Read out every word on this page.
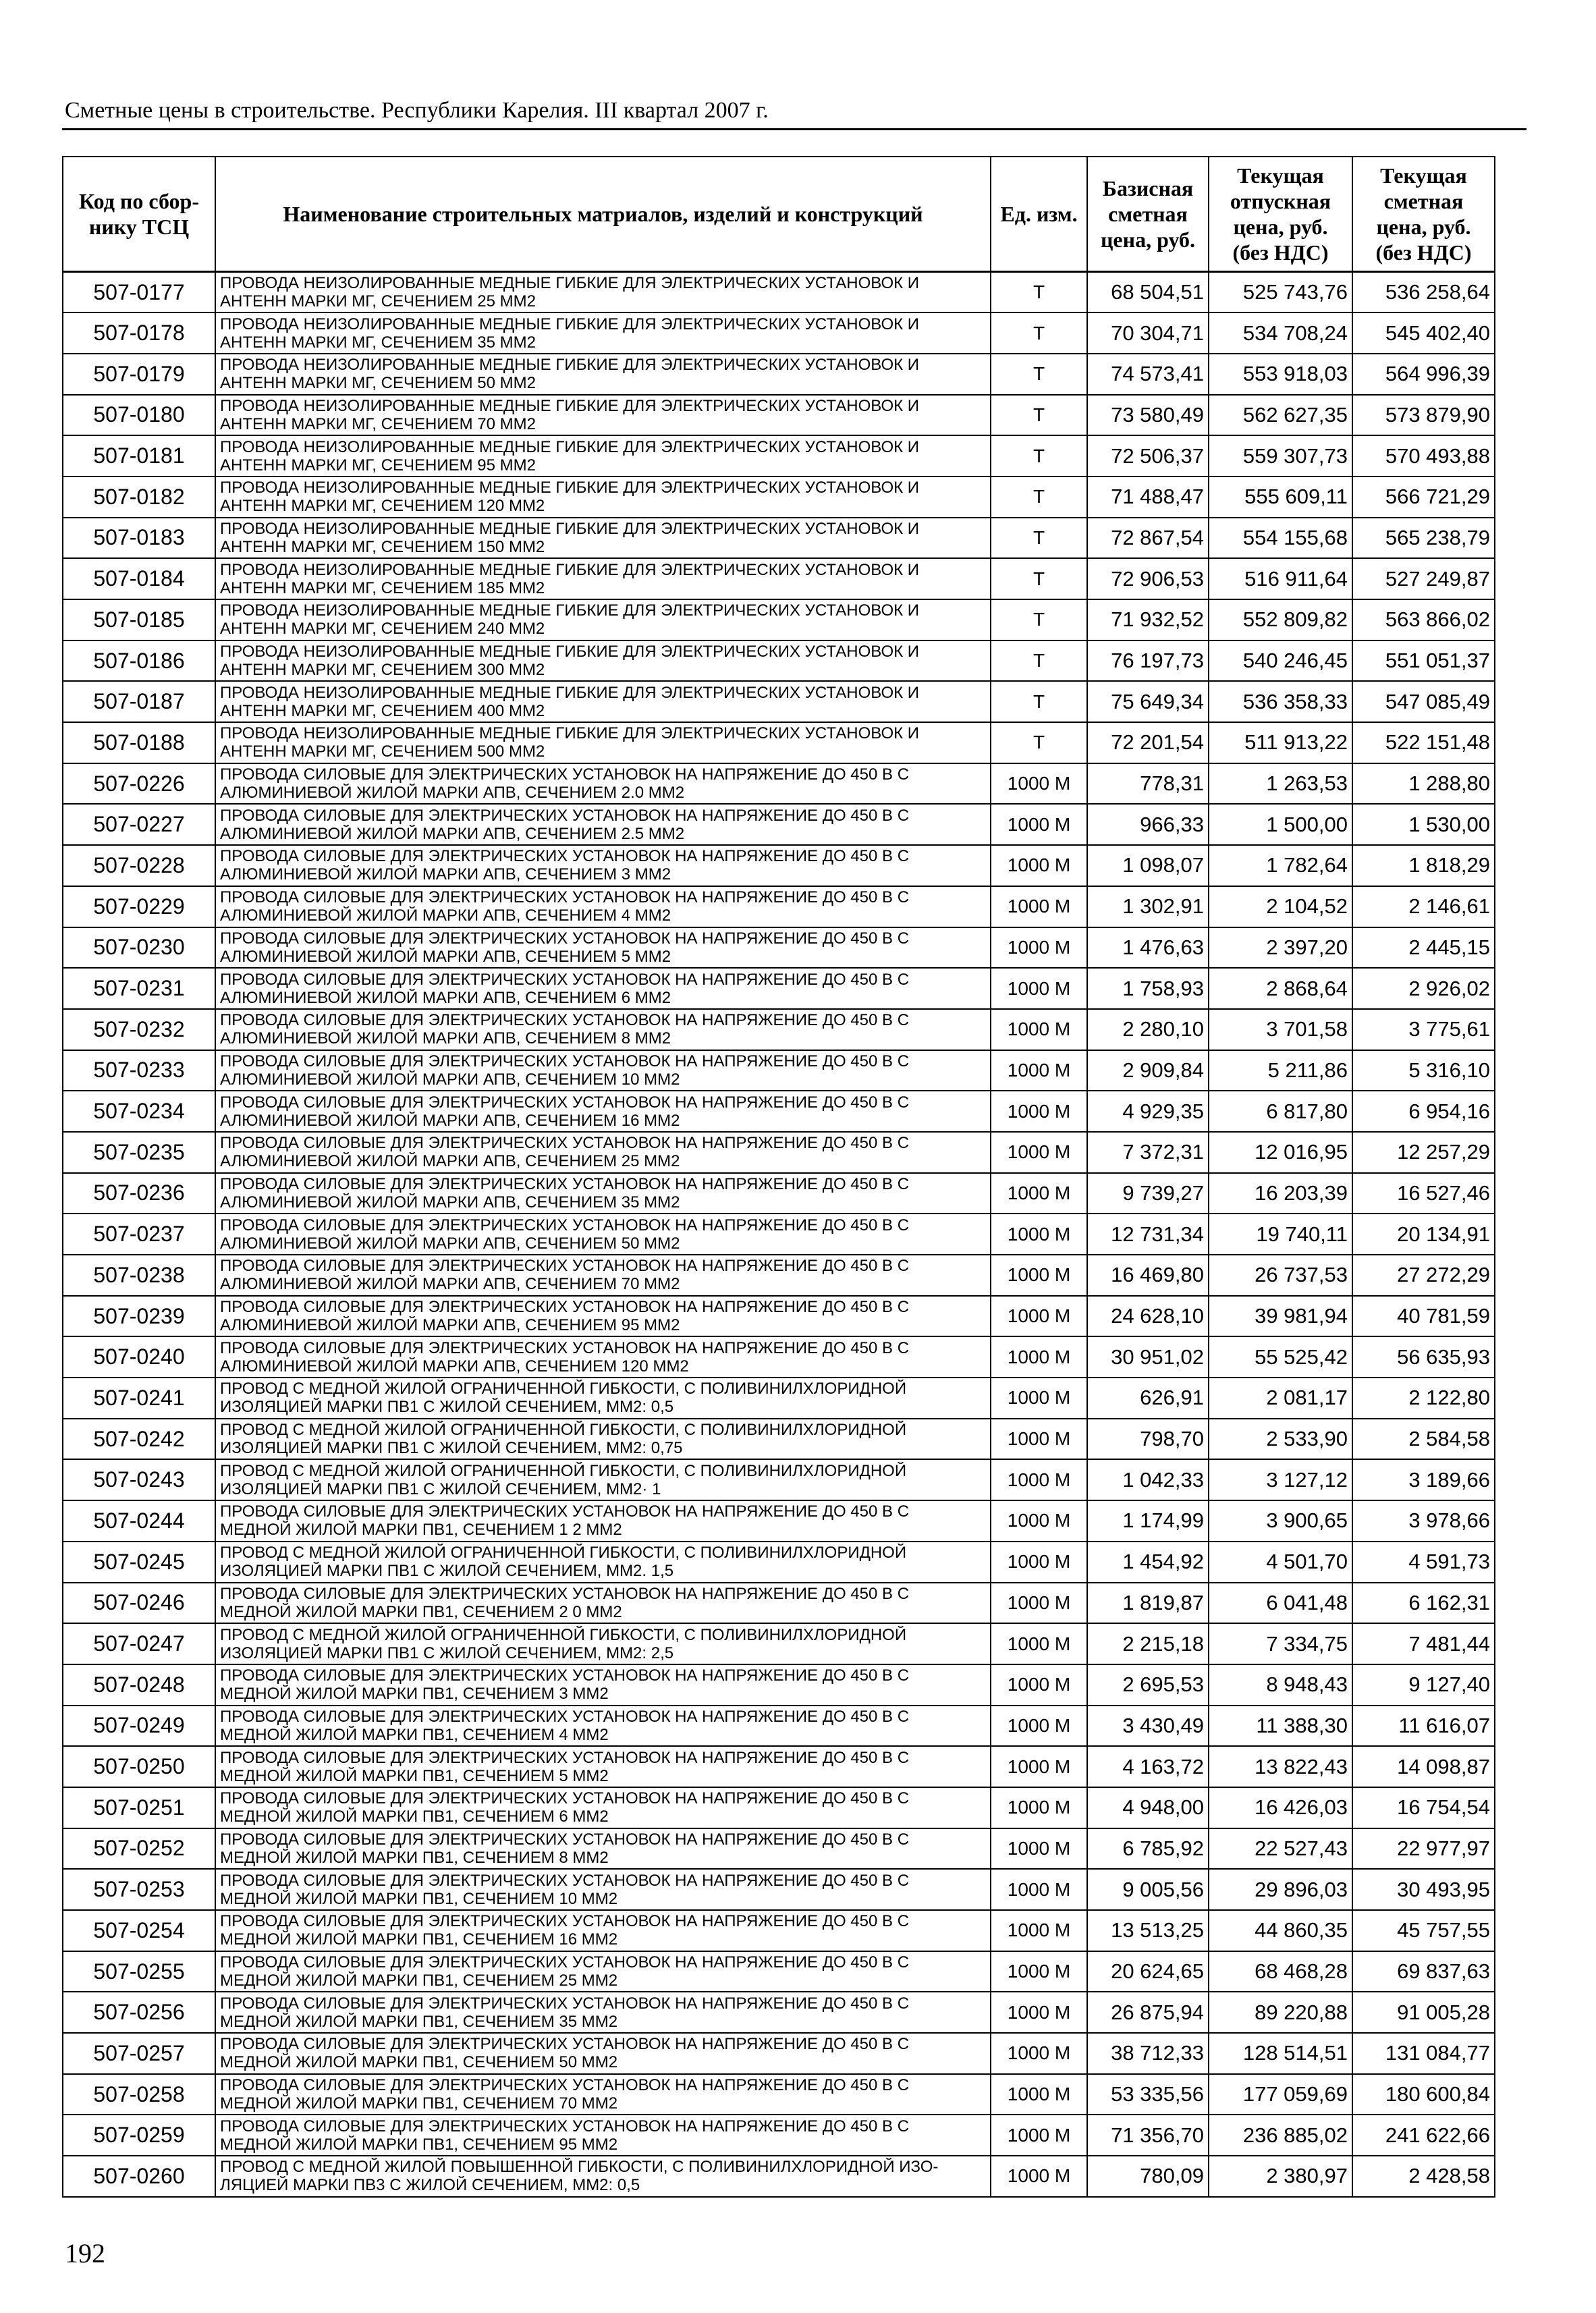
Сметные цены в строительстве. Республики Карелия. III квартал 2007 г.
Код по сбор-
нику ТСЦ	Наименование строительных матриалов, изделий и конструкций	Ед. изм.	Базисная
сметная
цена, руб.	Текущая
отпускная
цена, руб.
(без НДС)	Текущая
сметная
цена, руб.
(без НДС)

507-0177	ПРОВОДА НЕИЗОЛИРОВАННЫЕ МЕДНЫЕ ГИБКИЕ ДЛЯ ЭЛЕКТРИЧЕСКИХ УСТАНОВОК И
АНТЕНН МАРКИ МГ, СЕЧЕНИЕМ 25 ММ2	Т	68 504,51	525 743,76	536 258,64
507-0178	ПРОВОДА НЕИЗОЛИРОВАННЫЕ МЕДНЫЕ ГИБКИЕ ДЛЯ ЭЛЕКТРИЧЕСКИХ УСТАНОВОК И
АНТЕНН МАРКИ МГ, СЕЧЕНИЕМ 35 ММ2	Т	70 304,71	534 708,24	545 402,40
507-0179	ПРОВОДА НЕИЗОЛИРОВАННЫЕ МЕДНЫЕ ГИБКИЕ ДЛЯ ЭЛЕКТРИЧЕСКИХ УСТАНОВОК И
АНТЕНН МАРКИ МГ, СЕЧЕНИЕМ 50 ММ2	Т	74 573,41	553 918,03	564 996,39
507-0180	ПРОВОДА НЕИЗОЛИРОВАННЫЕ МЕДНЫЕ ГИБКИЕ ДЛЯ ЭЛЕКТРИЧЕСКИХ УСТАНОВОК И
АНТЕНН МАРКИ МГ, СЕЧЕНИЕМ 70 ММ2	Т	73 580,49	562 627,35	573 879,90
507-0181	ПРОВОДА НЕИЗОЛИРОВАННЫЕ МЕДНЫЕ ГИБКИЕ ДЛЯ ЭЛЕКТРИЧЕСКИХ УСТАНОВОК И
АНТЕНН МАРКИ МГ, СЕЧЕНИЕМ 95 ММ2	Т	72 506,37	559 307,73	570 493,88
507-0182	ПРОВОДА НЕИЗОЛИРОВАННЫЕ МЕДНЫЕ ГИБКИЕ ДЛЯ ЭЛЕКТРИЧЕСКИХ УСТАНОВОК И
АНТЕНН МАРКИ МГ, СЕЧЕНИЕМ 120 ММ2	Т	71 488,47	555 609,11	566 721,29
507-0183	ПРОВОДА НЕИЗОЛИРОВАННЫЕ МЕДНЫЕ ГИБКИЕ ДЛЯ ЭЛЕКТРИЧЕСКИХ УСТАНОВОК И
АНТЕНН МАРКИ МГ, СЕЧЕНИЕМ 150 ММ2	Т	72 867,54	554 155,68	565 238,79
507-0184	ПРОВОДА НЕИЗОЛИРОВАННЫЕ МЕДНЫЕ ГИБКИЕ ДЛЯ ЭЛЕКТРИЧЕСКИХ УСТАНОВОК И
АНТЕНН МАРКИ МГ, СЕЧЕНИЕМ 185 ММ2	Т	72 906,53	516 911,64	527 249,87
507-0185	ПРОВОДА НЕИЗОЛИРОВАННЫЕ МЕДНЫЕ ГИБКИЕ ДЛЯ ЭЛЕКТРИЧЕСКИХ УСТАНОВОК И
АНТЕНН МАРКИ МГ, СЕЧЕНИЕМ 240 ММ2	Т	71 932,52	552 809,82	563 866,02
507-0186	ПРОВОДА НЕИЗОЛИРОВАННЫЕ МЕДНЫЕ ГИБКИЕ ДЛЯ ЭЛЕКТРИЧЕСКИХ УСТАНОВОК И
АНТЕНН МАРКИ МГ, СЕЧЕНИЕМ 300 ММ2	Т	76 197,73	540 246,45	551 051,37
507-0187	ПРОВОДА НЕИЗОЛИРОВАННЫЕ МЕДНЫЕ ГИБКИЕ ДЛЯ ЭЛЕКТРИЧЕСКИХ УСТАНОВОК И
АНТЕНН МАРКИ МГ, СЕЧЕНИЕМ 400 ММ2	Т	75 649,34	536 358,33	547 085,49
507-0188	ПРОВОДА НЕИЗОЛИРОВАННЫЕ МЕДНЫЕ ГИБКИЕ ДЛЯ ЭЛЕКТРИЧЕСКИХ УСТАНОВОК И
АНТЕНН МАРКИ МГ, СЕЧЕНИЕМ 500 ММ2	Т	72 201,54	511 913,22	522 151,48
507-0226	ПРОВОДА СИЛОВЫЕ ДЛЯ ЭЛЕКТРИЧЕСКИХ УСТАНОВОК НА НАПРЯЖЕНИЕ ДО 450 В С
АЛЮМИНИЕВОЙ ЖИЛОЙ МАРКИ АПВ, СЕЧЕНИЕМ 2.0 ММ2	1000 М	778,31	1 263,53	1 288,80
507-0227	ПРОВОДА СИЛОВЫЕ ДЛЯ ЭЛЕКТРИЧЕСКИХ УСТАНОВОК НА НАПРЯЖЕНИЕ ДО 450 В С
АЛЮМИНИЕВОЙ ЖИЛОЙ МАРКИ АПВ, СЕЧЕНИЕМ 2.5 ММ2	1000 М	966,33	1 500,00	1 530,00
507-0228	ПРОВОДА СИЛОВЫЕ ДЛЯ ЭЛЕКТРИЧЕСКИХ УСТАНОВОК НА НАПРЯЖЕНИЕ ДО 450 В С
АЛЮМИНИЕВОЙ ЖИЛОЙ МАРКИ АПВ, СЕЧЕНИЕМ 3 ММ2	1000 М	1 098,07	1 782,64	1 818,29
507-0229	ПРОВОДА СИЛОВЫЕ ДЛЯ ЭЛЕКТРИЧЕСКИХ УСТАНОВОК НА НАПРЯЖЕНИЕ ДО 450 В С
АЛЮМИНИЕВОЙ ЖИЛОЙ МАРКИ АПВ, СЕЧЕНИЕМ 4 ММ2	1000 М	1 302,91	2 104,52	2 146,61
507-0230	ПРОВОДА СИЛОВЫЕ ДЛЯ ЭЛЕКТРИЧЕСКИХ УСТАНОВОК НА НАПРЯЖЕНИЕ ДО 450 В С
АЛЮМИНИЕВОЙ ЖИЛОЙ МАРКИ АПВ, СЕЧЕНИЕМ 5 ММ2	1000 М	1 476,63	2 397,20	2 445,15
507-0231	ПРОВОДА СИЛОВЫЕ ДЛЯ ЭЛЕКТРИЧЕСКИХ УСТАНОВОК НА НАПРЯЖЕНИЕ ДО 450 В С
АЛЮМИНИЕВОЙ ЖИЛОЙ МАРКИ АПВ, СЕЧЕНИЕМ 6 ММ2	1000 М	1 758,93	2 868,64	2 926,02
507-0232	ПРОВОДА СИЛОВЫЕ ДЛЯ ЭЛЕКТРИЧЕСКИХ УСТАНОВОК НА НАПРЯЖЕНИЕ ДО 450 В С
АЛЮМИНИЕВОЙ ЖИЛОЙ МАРКИ АПВ, СЕЧЕНИЕМ 8 ММ2	1000 М	2 280,10	3 701,58	3 775,61
507-0233	ПРОВОДА СИЛОВЫЕ ДЛЯ ЭЛЕКТРИЧЕСКИХ УСТАНОВОК НА НАПРЯЖЕНИЕ ДО 450 В С
АЛЮМИНИЕВОЙ ЖИЛОЙ МАРКИ АПВ, СЕЧЕНИЕМ 10 ММ2	1000 М	2 909,84	5 211,86	5 316,10
507-0234	ПРОВОДА СИЛОВЫЕ ДЛЯ ЭЛЕКТРИЧЕСКИХ УСТАНОВОК НА НАПРЯЖЕНИЕ ДО 450 В С
АЛЮМИНИЕВОЙ ЖИЛОЙ МАРКИ АПВ, СЕЧЕНИЕМ 16 ММ2	1000 М	4 929,35	6 817,80	6 954,16
507-0235	ПРОВОДА СИЛОВЫЕ ДЛЯ ЭЛЕКТРИЧЕСКИХ УСТАНОВОК НА НАПРЯЖЕНИЕ ДО 450 В С
АЛЮМИНИЕВОЙ ЖИЛОЙ МАРКИ АПВ, СЕЧЕНИЕМ 25 ММ2	1000 М	7 372,31	12 016,95	12 257,29
507-0236	ПРОВОДА СИЛОВЫЕ ДЛЯ ЭЛЕКТРИЧЕСКИХ УСТАНОВОК НА НАПРЯЖЕНИЕ ДО 450 В С
АЛЮМИНИЕВОЙ ЖИЛОЙ МАРКИ АПВ, СЕЧЕНИЕМ 35 ММ2	1000 М	9 739,27	16 203,39	16 527,46
507-0237	ПРОВОДА СИЛОВЫЕ ДЛЯ ЭЛЕКТРИЧЕСКИХ УСТАНОВОК НА НАПРЯЖЕНИЕ ДО 450 В С
АЛЮМИНИЕВОЙ ЖИЛОЙ МАРКИ АПВ, СЕЧЕНИЕМ 50 ММ2	1000 М	12 731,34	19 740,11	20 134,91
507-0238	ПРОВОДА СИЛОВЫЕ ДЛЯ ЭЛЕКТРИЧЕСКИХ УСТАНОВОК НА НАПРЯЖЕНИЕ ДО 450 В С
АЛЮМИНИЕВОЙ ЖИЛОЙ МАРКИ АПВ, СЕЧЕНИЕМ 70 ММ2	1000 М	16 469,80	26 737,53	27 272,29
507-0239	ПРОВОДА СИЛОВЫЕ ДЛЯ ЭЛЕКТРИЧЕСКИХ УСТАНОВОК НА НАПРЯЖЕНИЕ ДО 450 В С
АЛЮМИНИЕВОЙ ЖИЛОЙ МАРКИ АПВ, СЕЧЕНИЕМ 95 ММ2	1000 М	24 628,10	39 981,94	40 781,59
507-0240	ПРОВОДА СИЛОВЫЕ ДЛЯ ЭЛЕКТРИЧЕСКИХ УСТАНОВОК НА НАПРЯЖЕНИЕ ДО 450 В С
АЛЮМИНИЕВОЙ ЖИЛОЙ МАРКИ АПВ, СЕЧЕНИЕМ 120 ММ2	1000 М	30 951,02	55 525,42	56 635,93
507-0241	ПРОВОД С МЕДНОЙ ЖИЛОЙ ОГРАНИЧЕННОЙ ГИБКОСТИ, С ПОЛИВИНИЛХЛОРИДНОЙ
ИЗОЛЯЦИЕЙ МАРКИ ПВ1 С ЖИЛОЙ СЕЧЕНИЕМ, ММ2: 0,5	1000 М	626,91	2 081,17	2 122,80
507-0242	ПРОВОД С МЕДНОЙ ЖИЛОЙ ОГРАНИЧЕННОЙ ГИБКОСТИ, С ПОЛИВИНИЛХЛОРИДНОЙ
ИЗОЛЯЦИЕЙ МАРКИ ПВ1 С ЖИЛОЙ СЕЧЕНИЕМ, ММ2: 0,75	1000 М	798,70	2 533,90	2 584,58
507-0243	ПРОВОД С МЕДНОЙ ЖИЛОЙ ОГРАНИЧЕННОЙ ГИБКОСТИ, С ПОЛИВИНИЛХЛОРИДНОЙ
ИЗОЛЯЦИЕЙ МАРКИ ПВ1 С ЖИЛОЙ СЕЧЕНИЕМ, ММ2· 1	1000 М	1 042,33	3 127,12	3 189,66
507-0244	ПРОВОДА СИЛОВЫЕ ДЛЯ ЭЛЕКТРИЧЕСКИХ УСТАНОВОК НА НАПРЯЖЕНИЕ ДО 450 В С
МЕДНОЙ ЖИЛОЙ МАРКИ ПВ1, СЕЧЕНИЕМ 1 2 ММ2	1000 М	1 174,99	3 900,65	3 978,66
507-0245	ПРОВОД С МЕДНОЙ ЖИЛОЙ ОГРАНИЧЕННОЙ ГИБКОСТИ, С ПОЛИВИНИЛХЛОРИДНОЙ
ИЗОЛЯЦИЕЙ МАРКИ ПВ1 С ЖИЛОЙ СЕЧЕНИЕМ, ММ2. 1,5	1000 М	1 454,92	4 501,70	4 591,73
507-0246	ПРОВОДА СИЛОВЫЕ ДЛЯ ЭЛЕКТРИЧЕСКИХ УСТАНОВОК НА НАПРЯЖЕНИЕ ДО 450 В С
МЕДНОЙ ЖИЛОЙ МАРКИ ПВ1, СЕЧЕНИЕМ 2 0 ММ2	1000 М	1 819,87	6 041,48	6 162,31
507-0247	ПРОВОД С МЕДНОЙ ЖИЛОЙ ОГРАНИЧЕННОЙ ГИБКОСТИ, С ПОЛИВИНИЛХЛОРИДНОЙ
ИЗОЛЯЦИЕЙ МАРКИ ПВ1 С ЖИЛОЙ СЕЧЕНИЕМ, ММ2: 2,5	1000 М	2 215,18	7 334,75	7 481,44
507-0248	ПРОВОДА СИЛОВЫЕ ДЛЯ ЭЛЕКТРИЧЕСКИХ УСТАНОВОК НА НАПРЯЖЕНИЕ ДО 450 В С
МЕДНОЙ ЖИЛОЙ МАРКИ ПВ1, СЕЧЕНИЕМ 3 ММ2	1000 М	2 695,53	8 948,43	9 127,40
507-0249	ПРОВОДА СИЛОВЫЕ ДЛЯ ЭЛЕКТРИЧЕСКИХ УСТАНОВОК НА НАПРЯЖЕНИЕ ДО 450 В С
МЕДНОЙ ЖИЛОЙ МАРКИ ПВ1, СЕЧЕНИЕМ 4 ММ2	1000 М	3 430,49	11 388,30	11 616,07
507-0250	ПРОВОДА СИЛОВЫЕ ДЛЯ ЭЛЕКТРИЧЕСКИХ УСТАНОВОК НА НАПРЯЖЕНИЕ ДО 450 В С
МЕДНОЙ ЖИЛОЙ МАРКИ ПВ1, СЕЧЕНИЕМ 5 ММ2	1000 М	4 163,72	13 822,43	14 098,87
507-0251	ПРОВОДА СИЛОВЫЕ ДЛЯ ЭЛЕКТРИЧЕСКИХ УСТАНОВОК НА НАПРЯЖЕНИЕ ДО 450 В С
МЕДНОЙ ЖИЛОЙ МАРКИ ПВ1, СЕЧЕНИЕМ 6 ММ2	1000 М	4 948,00	16 426,03	16 754,54
507-0252	ПРОВОДА СИЛОВЫЕ ДЛЯ ЭЛЕКТРИЧЕСКИХ УСТАНОВОК НА НАПРЯЖЕНИЕ ДО 450 В С
МЕДНОЙ ЖИЛОЙ МАРКИ ПВ1, СЕЧЕНИЕМ 8 ММ2	1000 М	6 785,92	22 527,43	22 977,97
507-0253	ПРОВОДА СИЛОВЫЕ ДЛЯ ЭЛЕКТРИЧЕСКИХ УСТАНОВОК НА НАПРЯЖЕНИЕ ДО 450 В С
МЕДНОЙ ЖИЛОЙ МАРКИ ПВ1, СЕЧЕНИЕМ 10 ММ2	1000 М	9 005,56	29 896,03	30 493,95
507-0254	ПРОВОДА СИЛОВЫЕ ДЛЯ ЭЛЕКТРИЧЕСКИХ УСТАНОВОК НА НАПРЯЖЕНИЕ ДО 450 В С
МЕДНОЙ ЖИЛОЙ МАРКИ ПВ1, СЕЧЕНИЕМ 16 ММ2	1000 М	13 513,25	44 860,35	45 757,55
507-0255	ПРОВОДА СИЛОВЫЕ ДЛЯ ЭЛЕКТРИЧЕСКИХ УСТАНОВОК НА НАПРЯЖЕНИЕ ДО 450 В С
МЕДНОЙ ЖИЛОЙ МАРКИ ПВ1, СЕЧЕНИЕМ 25 ММ2	1000 М	20 624,65	68 468,28	69 837,63
507-0256	ПРОВОДА СИЛОВЫЕ ДЛЯ ЭЛЕКТРИЧЕСКИХ УСТАНОВОК НА НАПРЯЖЕНИЕ ДО 450 В С
МЕДНОЙ ЖИЛОЙ МАРКИ ПВ1, СЕЧЕНИЕМ 35 ММ2	1000 М	26 875,94	89 220,88	91 005,28
507-0257	ПРОВОДА СИЛОВЫЕ ДЛЯ ЭЛЕКТРИЧЕСКИХ УСТАНОВОК НА НАПРЯЖЕНИЕ ДО 450 В С
МЕДНОЙ ЖИЛОЙ МАРКИ ПВ1, СЕЧЕНИЕМ 50 ММ2	1000 М	38 712,33	128 514,51	131 084,77
507-0258	ПРОВОДА СИЛОВЫЕ ДЛЯ ЭЛЕКТРИЧЕСКИХ УСТАНОВОК НА НАПРЯЖЕНИЕ ДО 450 В С
МЕДНОЙ ЖИЛОЙ МАРКИ ПВ1, СЕЧЕНИЕМ 70 ММ2	1000 М	53 335,56	177 059,69	180 600,84
507-0259	ПРОВОДА СИЛОВЫЕ ДЛЯ ЭЛЕКТРИЧЕСКИХ УСТАНОВОК НА НАПРЯЖЕНИЕ ДО 450 В С
МЕДНОЙ ЖИЛОЙ МАРКИ ПВ1, СЕЧЕНИЕМ 95 ММ2	1000 М	71 356,70	236 885,02	241 622,66
507-0260	ПРОВОД С МЕДНОЙ ЖИЛОЙ ПОВЫШЕННОЙ ГИБКОСТИ, С ПОЛИВИНИЛХЛОРИДНОЙ ИЗО-
ЛЯЦИЕЙ МАРКИ ПВ3 С ЖИЛОЙ СЕЧЕНИЕМ, ММ2: 0,5	1000 М	780,09	2 380,97	2 428,58
192
